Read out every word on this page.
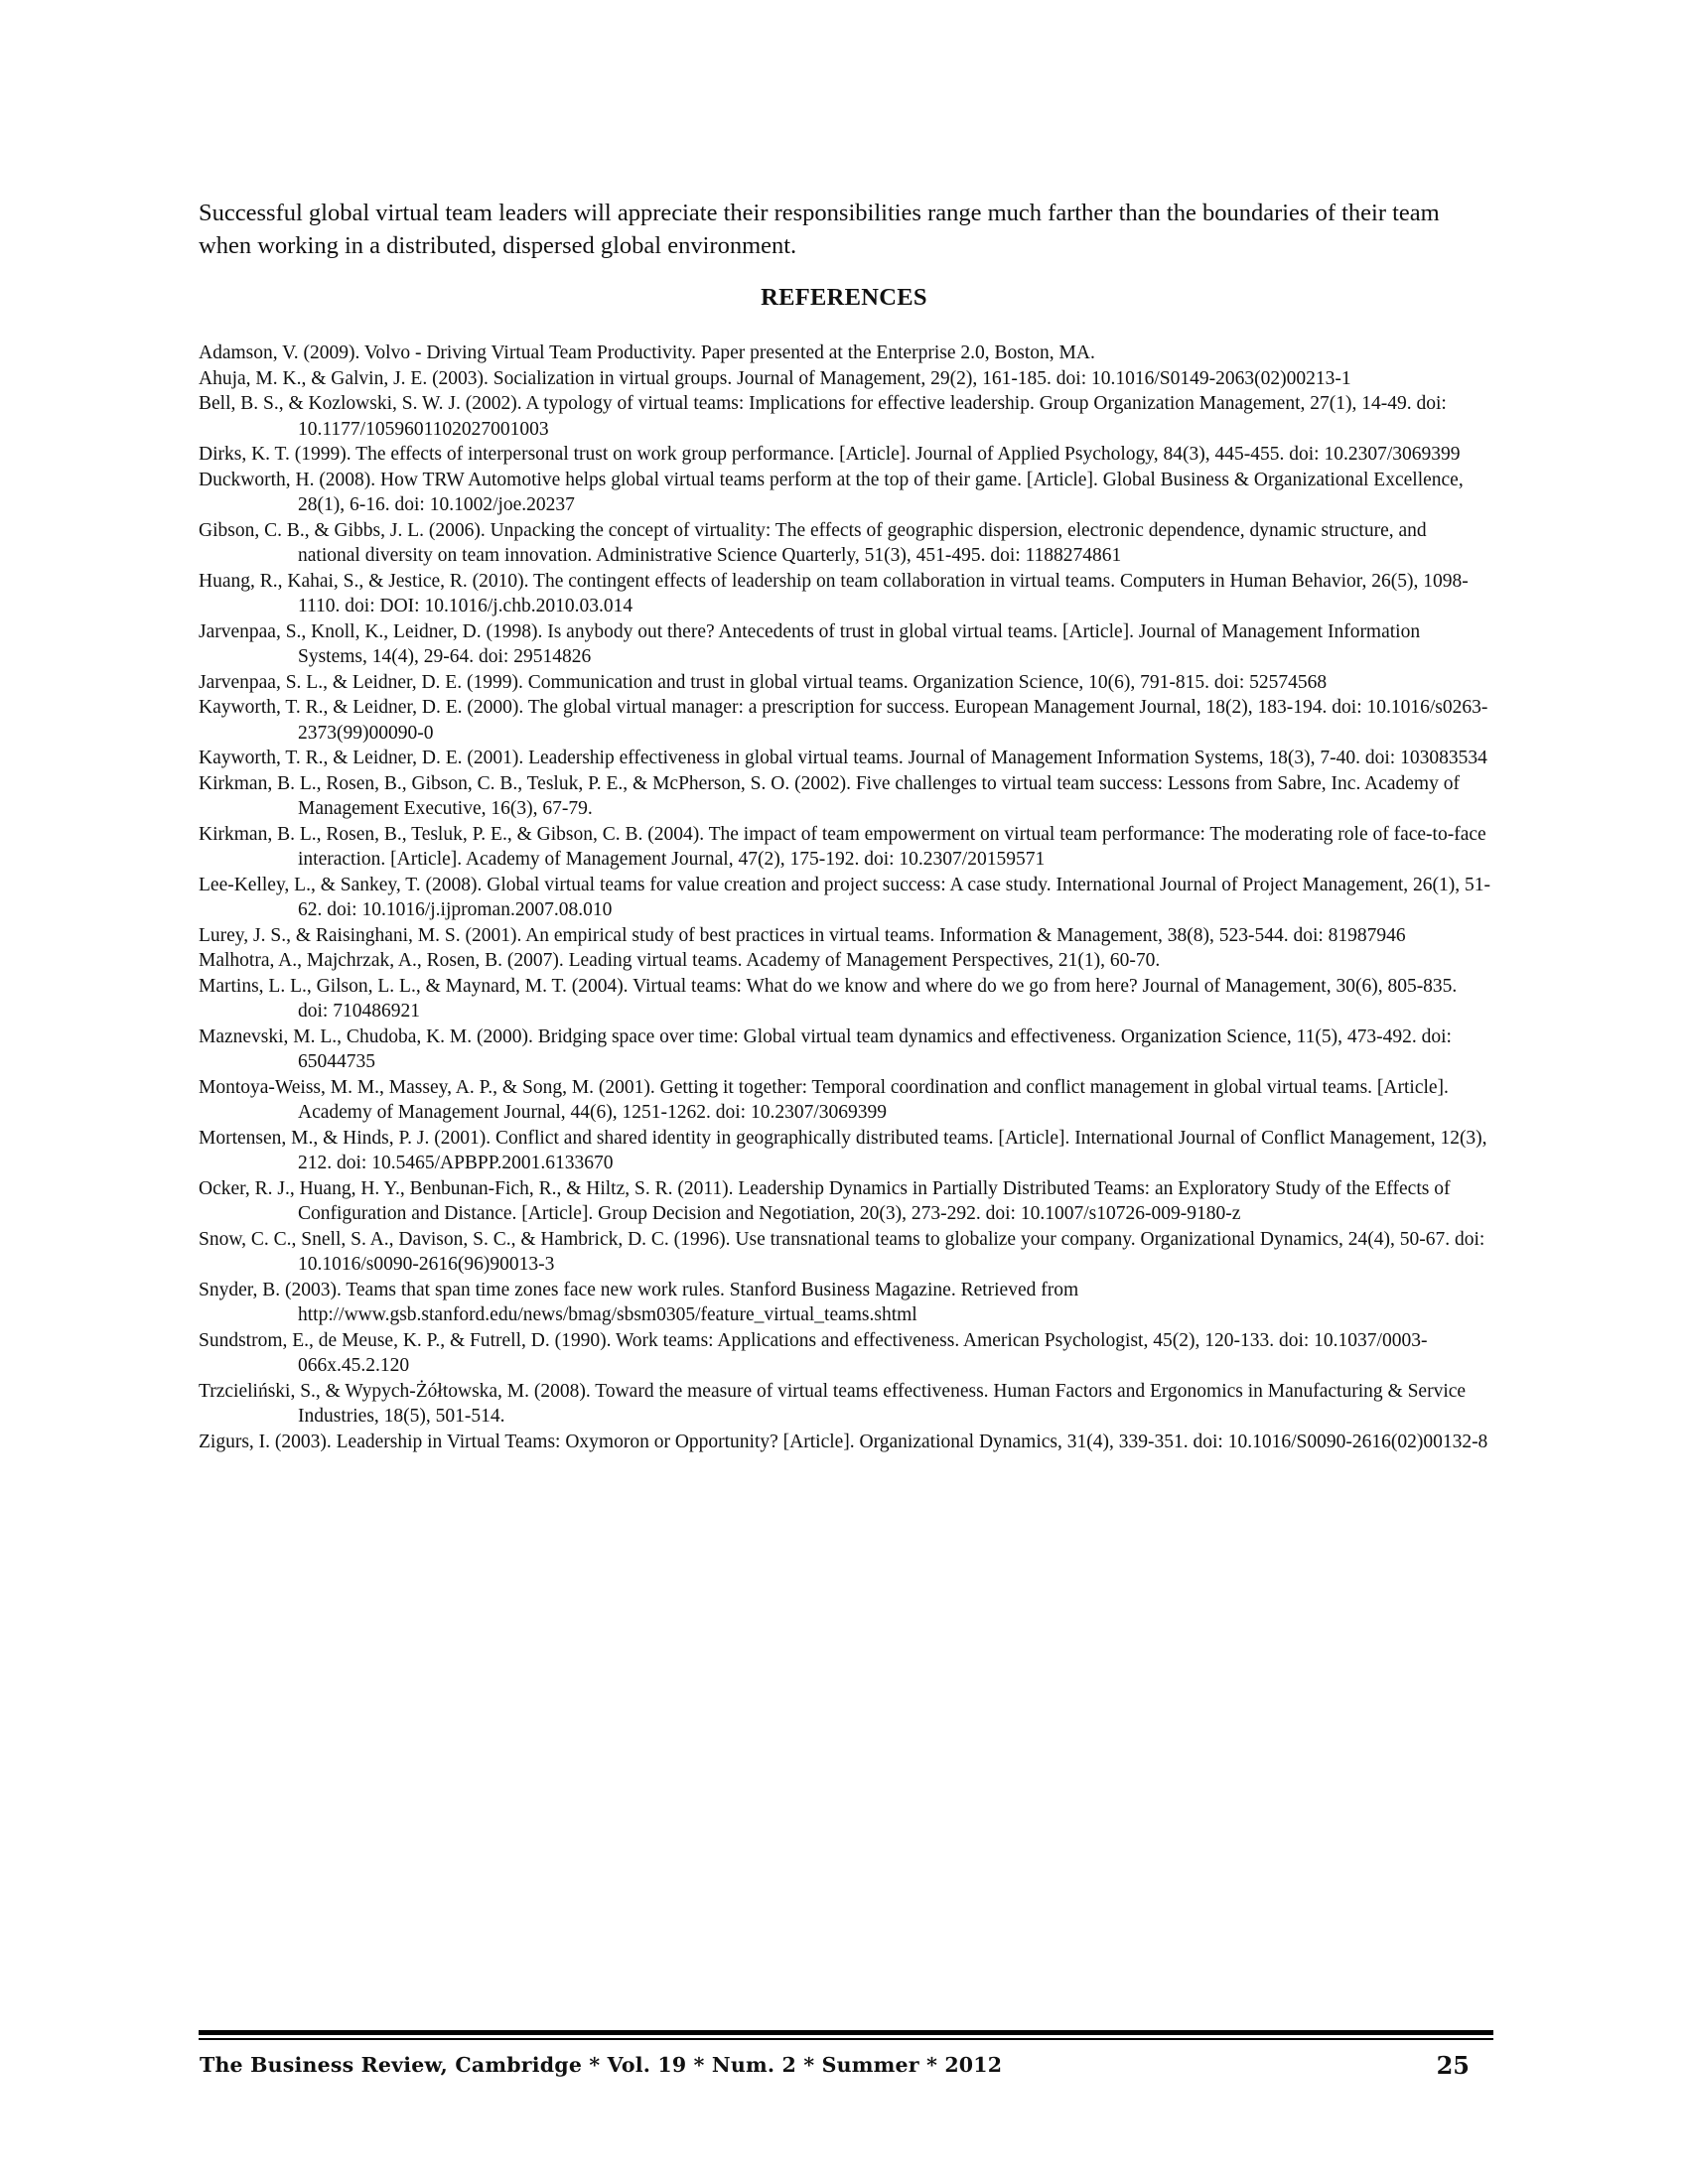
Successful global virtual team leaders will appreciate their responsibilities range much farther than the boundaries of their team when working in a distributed, dispersed global environment.

REFERENCES
Adamson, V. (2009). Volvo - Driving Virtual Team Productivity. Paper presented at the Enterprise 2.0, Boston, MA.
Ahuja, M. K., & Galvin, J. E. (2003). Socialization in virtual groups. Journal of Management, 29(2), 161-185. doi: 10.1016/S0149-2063(02)00213-1
Bell, B. S., & Kozlowski, S. W. J. (2002). A typology of virtual teams: Implications for effective leadership. Group Organization Management, 27(1), 14-49. doi: 10.1177/1059601102027001003
Dirks, K. T. (1999). The effects of interpersonal trust on work group performance. [Article]. Journal of Applied Psychology, 84(3), 445-455. doi: 10.2307/3069399
Duckworth, H. (2008). How TRW Automotive helps global virtual teams perform at the top of their game. [Article]. Global Business & Organizational Excellence, 28(1), 6-16. doi: 10.1002/joe.20237
Gibson, C. B., & Gibbs, J. L. (2006). Unpacking the concept of virtuality: The effects of geographic dispersion, electronic dependence, dynamic structure, and national diversity on team innovation. Administrative Science Quarterly, 51(3), 451-495. doi: 1188274861
Huang, R., Kahai, S., & Jestice, R. (2010). The contingent effects of leadership on team collaboration in virtual teams. Computers in Human Behavior, 26(5), 1098-1110. doi: DOI: 10.1016/j.chb.2010.03.014
Jarvenpaa, S., Knoll, K., Leidner, D. (1998). Is anybody out there? Antecedents of trust in global virtual teams. [Article]. Journal of Management Information Systems, 14(4), 29-64. doi: 29514826
Jarvenpaa, S. L., & Leidner, D. E. (1999). Communication and trust in global virtual teams. Organization Science, 10(6), 791-815. doi: 52574568
Kayworth, T. R., & Leidner, D. E. (2000). The global virtual manager: a prescription for success. European Management Journal, 18(2), 183-194. doi: 10.1016/s0263-2373(99)00090-0
Kayworth, T. R., & Leidner, D. E. (2001). Leadership effectiveness in global virtual teams. Journal of Management Information Systems, 18(3), 7-40. doi: 103083534
Kirkman, B. L., Rosen, B., Gibson, C. B., Tesluk, P. E., & McPherson, S. O. (2002). Five challenges to virtual team success: Lessons from Sabre, Inc. Academy of Management Executive, 16(3), 67-79.
Kirkman, B. L., Rosen, B., Tesluk, P. E., & Gibson, C. B. (2004). The impact of team empowerment on virtual team performance: The moderating role of face-to-face interaction. [Article]. Academy of Management Journal, 47(2), 175-192. doi: 10.2307/20159571
Lee-Kelley, L., & Sankey, T. (2008). Global virtual teams for value creation and project success: A case study. International Journal of Project Management, 26(1), 51-62. doi: 10.1016/j.ijproman.2007.08.010
Lurey, J. S., & Raisinghani, M. S. (2001). An empirical study of best practices in virtual teams. Information & Management, 38(8), 523-544. doi: 81987946
Malhotra, A., Majchrzak, A., Rosen, B. (2007). Leading virtual teams. Academy of Management Perspectives, 21(1), 60-70.
Martins, L. L., Gilson, L. L., & Maynard, M. T. (2004). Virtual teams: What do we know and where do we go from here? Journal of Management, 30(6), 805-835. doi: 710486921
Maznevski, M. L., Chudoba, K. M. (2000). Bridging space over time: Global virtual team dynamics and effectiveness. Organization Science, 11(5), 473-492. doi: 65044735
Montoya-Weiss, M. M., Massey, A. P., & Song, M. (2001). Getting it together: Temporal coordination and conflict management in global virtual teams. [Article]. Academy of Management Journal, 44(6), 1251-1262. doi: 10.2307/3069399
Mortensen, M., & Hinds, P. J. (2001). Conflict and shared identity in geographically distributed teams. [Article]. International Journal of Conflict Management, 12(3), 212. doi: 10.5465/APBPP.2001.6133670
Ocker, R. J., Huang, H. Y., Benbunan-Fich, R., & Hiltz, S. R. (2011). Leadership Dynamics in Partially Distributed Teams: an Exploratory Study of the Effects of Configuration and Distance. [Article]. Group Decision and Negotiation, 20(3), 273-292. doi: 10.1007/s10726-009-9180-z
Snow, C. C., Snell, S. A., Davison, S. C., & Hambrick, D. C. (1996). Use transnational teams to globalize your company. Organizational Dynamics, 24(4), 50-67. doi: 10.1016/s0090-2616(96)90013-3
Snyder, B. (2003). Teams that span time zones face new work rules. Stanford Business Magazine. Retrieved from http://www.gsb.stanford.edu/news/bmag/sbsm0305/feature_virtual_teams.shtml
Sundstrom, E., de Meuse, K. P., & Futrell, D. (1990). Work teams: Applications and effectiveness. American Psychologist, 45(2), 120-133. doi: 10.1037/0003-066x.45.2.120
Trzcieliński, S., & Wypych-Żółtowska, M. (2008). Toward the measure of virtual teams effectiveness. Human Factors and Ergonomics in Manufacturing & Service Industries, 18(5), 501-514.
Zigurs, I. (2003). Leadership in Virtual Teams: Oxymoron or Opportunity? [Article]. Organizational Dynamics, 31(4), 339-351. doi: 10.1016/S0090-2616(02)00132-8
The Business Review, Cambridge * Vol. 19 * Num. 2 * Summer * 2012	25
